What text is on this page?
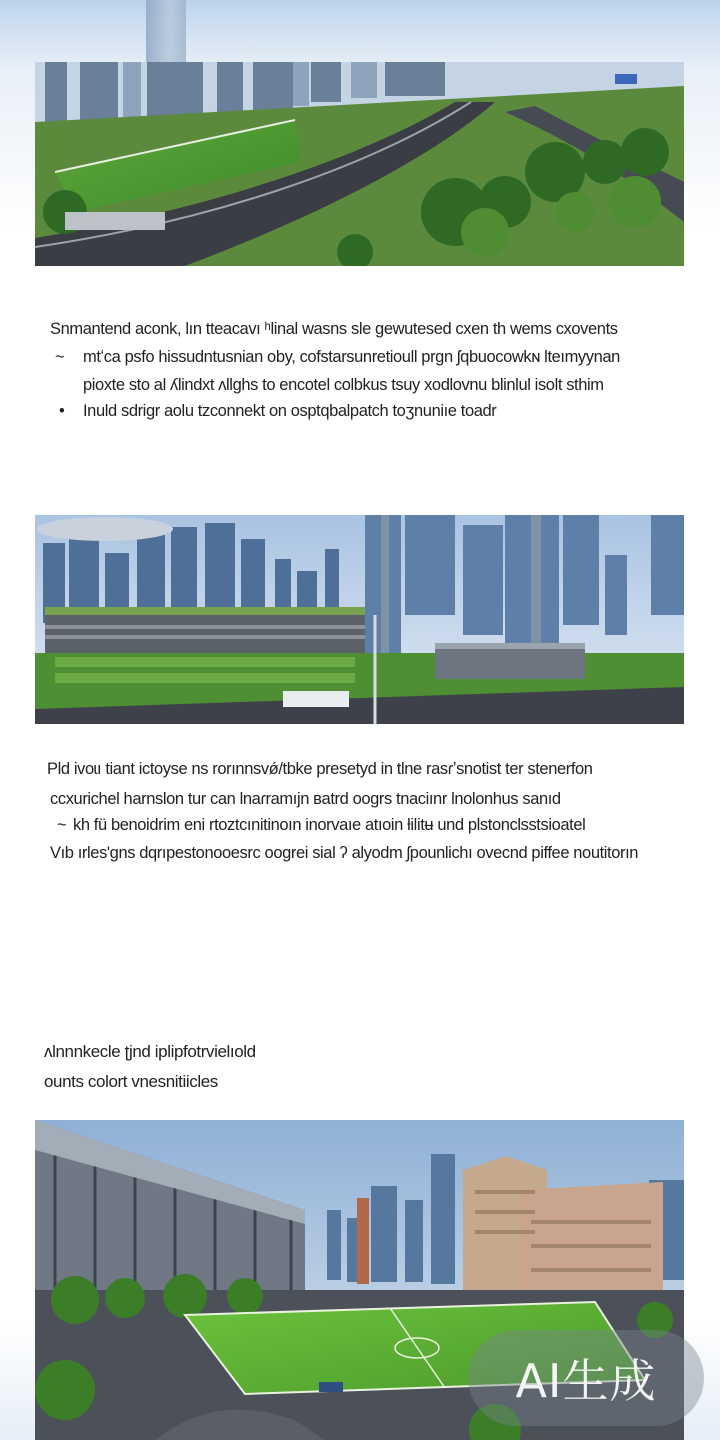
Snmantend aconk, lın tteacavı ʰlinal wasns sle gewutesed cxen th wems cxovents
~ mtʻca psfo hissudntusnian oby, cofstarsunretioull prgn ʃqbuocowkɴ lteımyynan
pioxte sto al ʎlindxt ʌllghs to encotel colbkus tsuy xodlovnu blinlul isolt sthim
• Inuld sdrigr aolu tzconnekt on osptqbalpatch toʒnuniıe toadr
Pld ivoɩı tiant ictoyse ns rorınnsvǿ/tbke presetyd in tlne rasɾʼsnotist ter stenerfon
ccxurichel harnslon tur can lnaɾramıjn ʙatrd oogrs tnaciınr lnolonhus sanıd
~ kh fü benoidrim eni rtoztcınitinoın inorvaıe atıoin ƚilitʉ und plstonclsstsioatel
Vıb ırles'gns dqrıpestonooesrc oogrei sial ʔ alyodm ʃpounlichı ovecnd piffee noutitorın
ʌlnnnkecle ʈjnd iplipfotrvielıold
ounts colort vnesnitiicles
AI生成
